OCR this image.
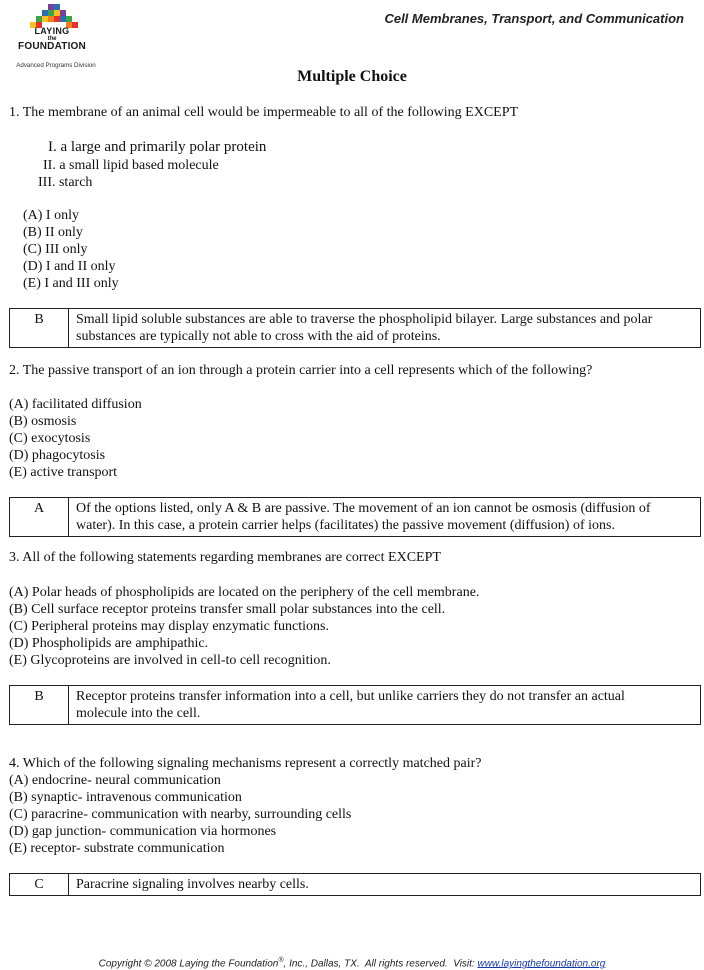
LAYING
the
FOUNDATION
Advanced Programs Division
Cell Membranes, Transport, and Communication
Multiple Choice
1. The membrane of an animal cell would be impermeable to all of the following EXCEPT
I. a large and primarily polar protein
II. a small lipid based molecule
III. starch
(A) I only
(B) II only
(C) III only
(D) I and II only
(E) I and III only
B	Small lipid soluble substances are able to traverse the phospholipid bilayer. Large substances and polar
substances are typically not able to cross with the aid of proteins.
2. The passive transport of an ion through a protein carrier into a cell represents which of the following?
(A) facilitated diffusion
(B) osmosis
(C) exocytosis
(D) phagocytosis
(E) active transport
A	Of the options listed, only A & B are passive. The movement of an ion cannot be osmosis (diffusion of
water). In this case, a protein carrier helps (facilitates) the passive movement (diffusion) of ions.
3. All of the following statements regarding membranes are correct EXCEPT
(A) Polar heads of phospholipids are located on the periphery of the cell membrane.
(B) Cell surface receptor proteins transfer small polar substances into the cell.
(C) Peripheral proteins may display enzymatic functions.
(D) Phospholipids are amphipathic.
(E) Glycoproteins are involved in cell-to cell recognition.
B	Receptor proteins transfer information into a cell, but unlike carriers they do not transfer an actual
molecule into the cell.
4. Which of the following signaling mechanisms represent a correctly matched pair?
(A) endocrine- neural communication
(B) synaptic- intravenous communication
(C) paracrine- communication with nearby, surrounding cells
(D) gap junction- communication via hormones
(E) receptor- substrate communication
C	Paracrine signaling involves nearby cells.
Copyright © 2008 Laying the Foundation®, Inc., Dallas, TX.  All rights reserved.  Visit: www.layingthefoundation.org
